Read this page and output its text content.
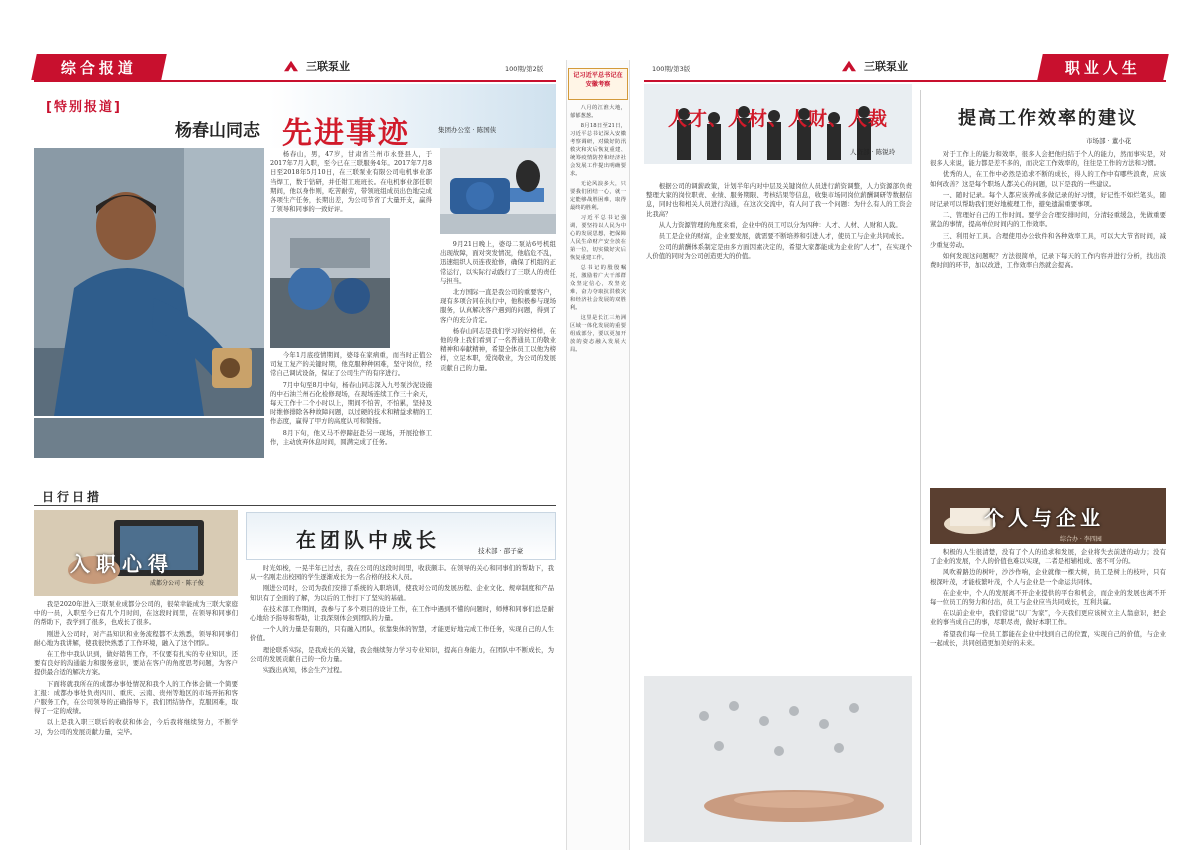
综合报道	三联泵业	100期/第2版
[特别报道]
杨春山同志 先进事迹	集团办公室 · 陈国侠

杨春山，男，47岁，甘肃省兰州市永登县人，于2017年7月入职，至今已在三联服务4年。2017年7月8日至2018年5月10日，在三联泵业有限公司电机事业部当焊工，数于钻研，并任钳工班班长。在电机事业部任职期间，他以身作则，吃苦耐劳，带领班组成员出色地完成各项生产任务，长期出差，为公司节省了大量开支，赢得了领导和同事的一致好评。

今年1月底疫情期间，婆母在家病重，而当时正值公司复工复产的关键时期，他克服种种困难，坚守岗位，经常自己调试设备，保证了公司生产的有序进行。

7月中旬至8月中旬，杨春山同志深入九号泵沙泥设施的中石油兰州石化检修现场，在现场连续工作三十余天，每天工作十二个小时以上，期间不怕苦，不怕累，坚持及时维修排除各种故障问题，以过硬的技术和精益求精的工作态度，赢得了甲方的高度认可和赞扬。

8月下旬，他又马不停蹄赶赴另一现场，开展抢修工作，主动放弃休息时间，圆满完成了任务。

9月21日晚上，婆母二泵站6号机组出现故障，面对突发情况，他临危不乱，迅速组织人员连夜抢修，确保了机组的正常运行，以实际行动践行了三联人的责任与担当。

北方国际一直是我公司的重要客户，现有多项合同在执行中，他积极参与现场服务，认真解决客户遇到的问题，得到了客户的充分肯定。

杨春山同志是我们学习的好榜样，在他的身上我们看到了一名普通员工的敬业精神和奉献精神，希望全体员工以他为榜样，立足本职，爱岗敬业，为公司的发展贡献自己的力量。

日行日措
入职心得
成都分公司 · 陈子俊

我是2020年进入三联泵业成都分公司的，很荣幸能成为三联大家庭中的一员，入职至今已有几个月时间，在这段时间里，在领导和同事们的帮助下，我学到了很多，也成长了很多。

刚进入公司时，对产品知识和业务流程都不太熟悉，领导和同事们耐心地为我讲解，使我很快熟悉了工作环境，融入了这个团队。

在工作中我认识到，做好销售工作，不仅要有扎实的专业知识，还要有良好的沟通能力和服务意识，要站在客户的角度思考问题，为客户提供最合适的解决方案。

下面将就我所在的成都办事处情况和我个人的工作体会做一个简要汇报：成都办事处负责四川、重庆、云南、贵州等地区的市场开拓和客户服务工作，在公司领导的正确指导下，我们团结协作，克服困难，取得了一定的成绩。

以上是我入职三联后的收获和体会，今后我将继续努力，不断学习，为公司的发展贡献力量，完毕。

在团队中成长	技术部 · 邵子豪

时光如梭，一晃半年已过去，我在公司的这段时间里，收获颇丰。在领导的关心和同事们的帮助下，我从一名刚走出校园的学生逐渐成长为一名合格的技术人员。

刚进公司时，公司为我们安排了系统的入职培训，使我对公司的发展历程、企业文化、规章制度和产品知识有了全面的了解，为以后的工作打下了坚实的基础。

在技术部工作期间，我参与了多个项目的设计工作，在工作中遇到不懂的问题时，师傅和同事们总是耐心地给予指导和帮助，让我深刻体会到团队的力量。

一个人的力量是有限的，只有融入团队，依靠集体的智慧，才能更好地完成工作任务，实现自己的人生价值。

理论联系实际，是我成长的关键，我会继续努力学习专业知识，提高自身能力，在团队中不断成长，为公司的发展贡献自己的一份力量。

实践出真知，体会生产过程。

记习近平总书记在安徽考察

八月的江淮大地，郁郁葱葱。

8月18日至21日，习近平总书记深入安徽考察调研，对做好防汛救灾和灾后恢复重建、统筹疫情防控和经济社会发展工作提出明确要求。

无论风浪多大，只要我们团结一心，就一定能够战胜困难，取得最终的胜利。

习近平总书记强调，要坚持以人民为中心的发展思想，把保障人民生命财产安全放在第一位，切实做好灾后恢复重建工作。

总书记的殷殷嘱托，激励着广大干部群众坚定信心，攻坚克难，奋力夺取抗洪救灾和经济社会发展的双胜利。

这里是长江三角洲区域一体化发展的重要组成部分，要以更加开放的姿态融入发展大局。

100期/第3版	三联泵业	职业人生
人才、人材、人财、人裁
人资部 · 陈锐玲

根据公司的调薪政策，计划半年内对中层及关键岗位人员进行薪资调整，人力资源部负责整理大家的岗位职责、业绩、服务期限、考核结果等信息，收集市场同岗位薪酬调研等数据信息，同时也和相关人员进行沟通，在这次交流中，有人问了我一个问题：为什么有人的工资会比我高？

从人力资源管理的角度来看，企业中的员工可以分为四种：人才、人材、人财和人裁。

员工是企业的财富，企业要发展，就需要不断培养和引进人才，使员工与企业共同成长。

公司的薪酬体系制定是由多方面因素决定的，希望大家都能成为企业的“人才”，在实现个人价值的同时为公司创造更大的价值。

提高工作效率的建议
市场部 · 董小花

对于工作上的能力和效率，很多人会把他归结于个人的能力，然而事实是，对很多人来说，能力都是差不多的，而决定工作效率的，往往是工作的方法和习惯。

优秀的人，在工作中必然是追求不断的成长，得人的工作中有哪些浪费，应该如何改善？这是每个职场人都关心的问题，以下是我的一些建议。

一、随时记录。每个人都应该养成多做记录的好习惯，好记性不如烂笔头，随时记录可以帮助我们更好地梳理工作，避免遗漏重要事项。

二、管理好自己的工作时间。要学会合理安排时间，分清轻重缓急，先做重要紧急的事情，提高单位时间内的工作效率。

三、利用好工具。合理使用办公软件和各种效率工具，可以大大节省时间，减少重复劳动。

如何发现这问题呢？方法很简单，记录下每天的工作内容并进行分析，找出浪费时间的环节，加以改进，工作效率自然就会提高。

个人与企业
综合办 · 李四园

积极的人生很清楚，没有了个人的追求和发展，企业将失去前进的动力；没有了企业的发展，个人的价值也难以实现，二者是相辅相成、密不可分的。

风吹着路边的树叶，沙沙作响，企业就像一棵大树，员工是树上的枝叶，只有根深叶茂，才能枝繁叶茂，个人与企业是一个命运共同体。

在企业中，个人的发展离不开企业提供的平台和机会，而企业的发展也离不开每一位员工的努力和付出，员工与企业应当共同成长，互利共赢。

在以前企业中，我们常说“以厂为家”，今天我们更应该树立主人翁意识，把企业的事当成自己的事，尽职尽责，做好本职工作。

希望我们每一位员工都能在企业中找到自己的位置，实现自己的价值，与企业一起成长，共同创造更加美好的未来。
